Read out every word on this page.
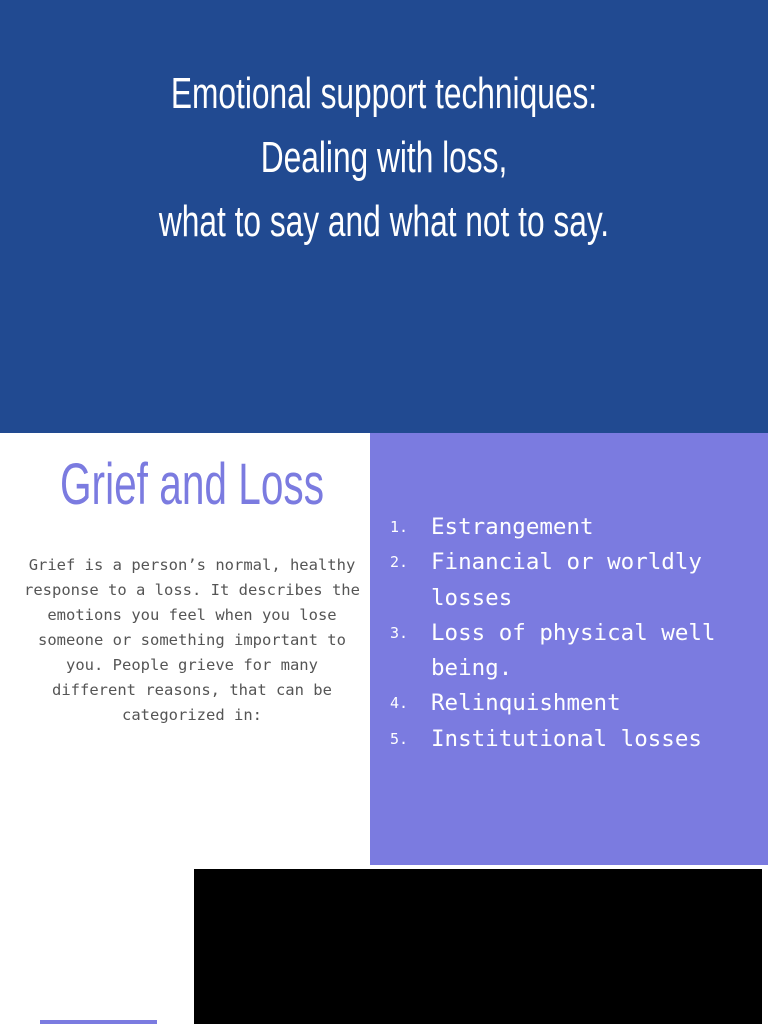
Emotional support techniques:
Dealing with loss,
what to say and what not to say.
Grief and Loss
Grief is a person’s normal, healthy response to a loss. It describes the emotions you feel when you lose someone or something important to you. People grieve for many different reasons, that can be categorized in:
1. Estrangement
2. Financial or worldly losses
3. Loss of physical well being.
4. Relinquishment
5. Institutional losses
